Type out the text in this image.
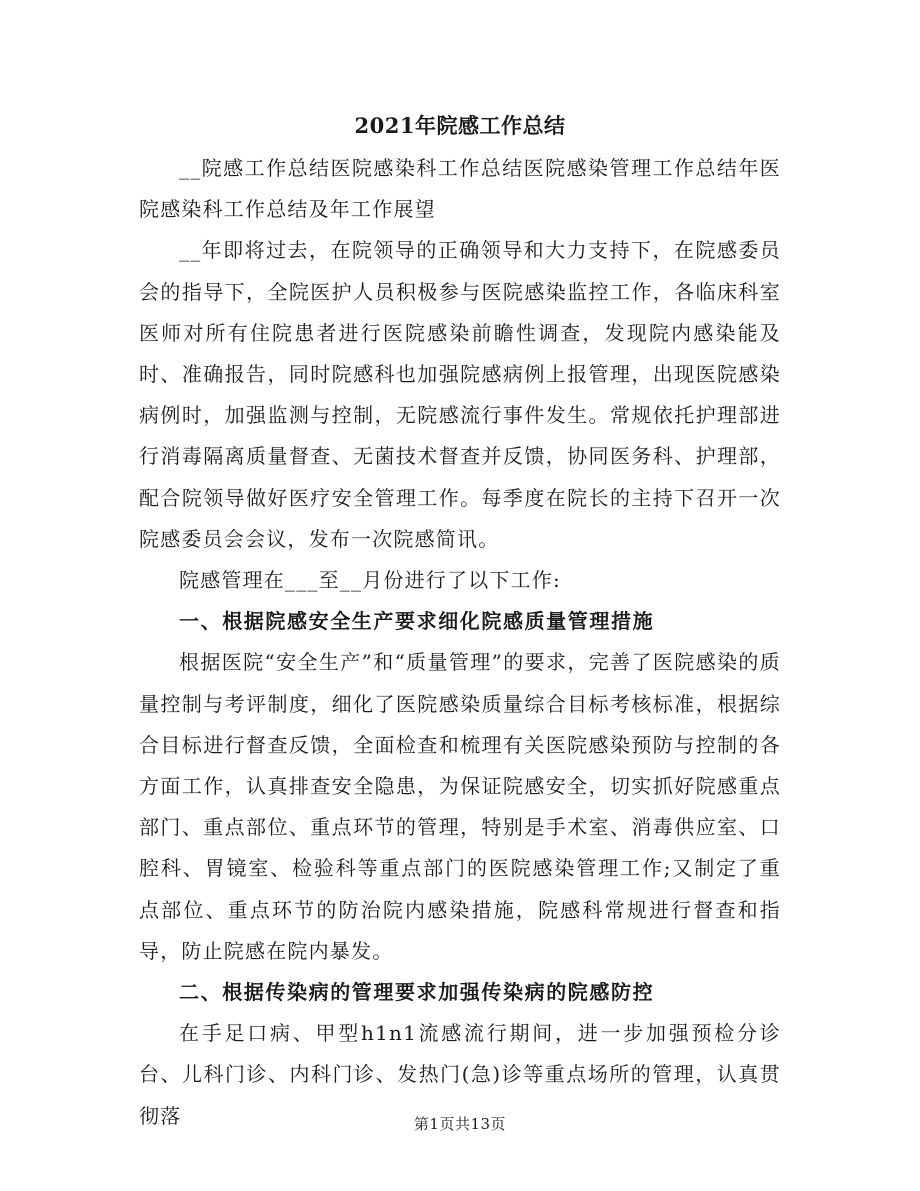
2021年院感工作总结

__院感工作总结医院感染科工作总结医院感染管理工作总结年医院感染科工作总结及年工作展望

__年即将过去，在院领导的正确领导和大力支持下，在院感委员会的指导下，全院医护人员积极参与医院感染监控工作，各临床科室医师对所有住院患者进行医院感染前瞻性调查，发现院内感染能及时、准确报告，同时院感科也加强院感病例上报管理，出现医院感染病例时，加强监测与控制，无院感流行事件发生。常规依托护理部进行消毒隔离质量督查、无菌技术督查并反馈，协同医务科、护理部，配合院领导做好医疗安全管理工作。每季度在院长的主持下召开一次院感委员会会议，发布一次院感简讯。

院感管理在___至__月份进行了以下工作:

一、根据院感安全生产要求细化院感质量管理措施

根据医院“安全生产”和“质量管理”的要求，完善了医院感染的质量控制与考评制度，细化了医院感染质量综合目标考核标准，根据综合目标进行督查反馈，全面检查和梳理有关医院感染预防与控制的各方面工作，认真排查安全隐患，为保证院感安全，切实抓好院感重点部门、重点部位、重点环节的管理，特别是手术室、消毒供应室、口腔科、胃镜室、检验科等重点部门的医院感染管理工作;又制定了重点部位、重点环节的防治院内感染措施，院感科常规进行督查和指导，防止院感在院内暴发。

二、根据传染病的管理要求加强传染病的院感防控

在手足口病、甲型h1n1流感流行期间，进一步加强预检分诊台、儿科门诊、内科门诊、发热门(急)诊等重点场所的管理，认真贯彻落	第1页共13页
